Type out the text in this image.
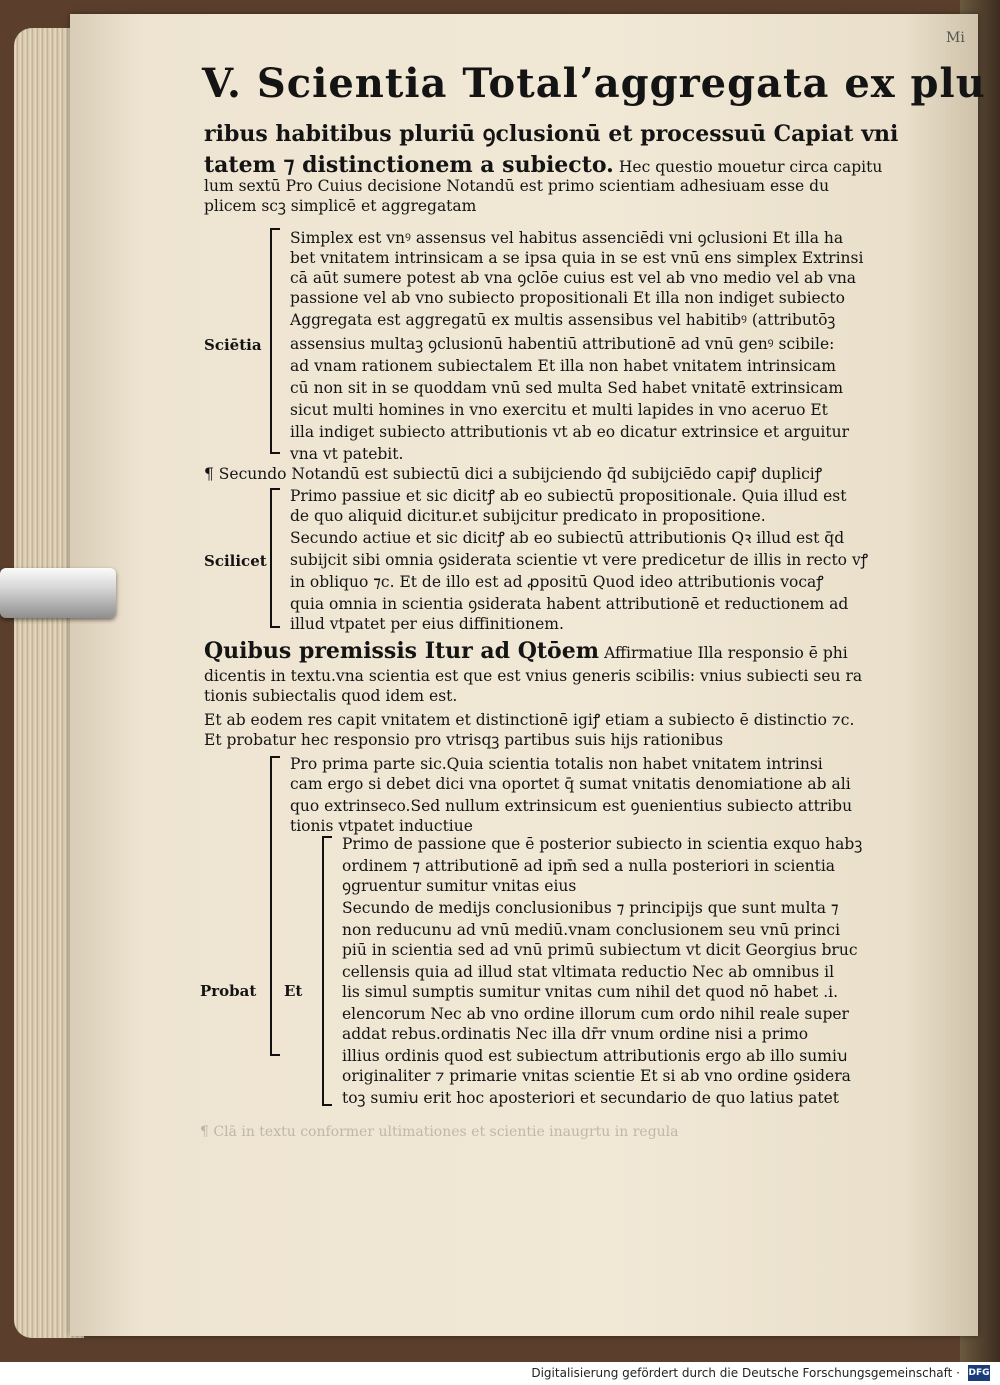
Mi
V. Scientia Totalʼaggregata ex plu
ribus habitibus pluriū ꝯclusionū et processuū Capiat vni
tatem ⁊ distinctionem a subiecto. Hec questio mouetur circa capitu
lum sextū Pro Cuius decisione Notandū est primo scientiam adhesiuam esse du
plicem scꝫ simplicē et aggregatam
Sciētia
Simplex est vnꝰ assensus vel habitus assenciēdi vni ꝯclusioni Et illa ha
bet vnitatem intrinsicam a se ipsa quia in se est vnū ens simplex Extrinsi
cā aūt sumere potest ab vna ꝯclōe cuius est vel ab vno medio vel ab vna
passione vel ab vno subiecto propositionali Et illa non indiget subiecto
Aggregata est aggregatū ex multis assensibus vel habitibꝰ (attributōꝫ
assensius multaꝫ ꝯclusionū habentiū attributionē ad vnū genꝰ scibile:
ad vnam rationem subiectalem Et illa non habet vnitatem intrinsicam
cū non sit in se quoddam vnū sed multa Sed habet vnitatē extrinsicam
sicut multi homines in vno exercitu et multi lapides in vno aceruo Et
illa indiget subiecto attributionis vt ab eo dicatur extrinsice et arguitur
vna vt patebit.
¶ Secundo Notandū est subiectū dici a subijciendo q̄d subijciēdo capiꝭ dupliciꝭ
Scilicet
Primo passiue et sic dicitꝭ ab eo subiectū propositionale. Quia illud est
de quo aliquid dicitur.et subijcitur predicato in propositione.
Secundo actiue et sic dicitꝭ ab eo subiectū attributionis Qꝛ illud est q̄d
subijcit sibi omnia ꝯsiderata scientie vt vere predicetur de illis in recto vꝭ
in obliquo ⁊c. Et de illo est ad ꝓpositū Quod ideo attributionis vocaꝭ
quia omnia in scientia ꝯsiderata habent attributionē et reductionem ad
illud vtpatet per eius diffinitionem.
Quibus premissis Itur ad Qtōem Affirmatiue Illa responsio ē phi
dicentis in textu.vna scientia est que est vnius generis scibilis: vnius subiecti seu ra
tionis subiectalis quod idem est.
Et ab eodem res capit vnitatem et distinctionē igiꝭ etiam a subiecto ē distinctio ⁊c.
Et probatur hec responsio pro vtrisqꝫ partibus suis hijs rationibus
Probat Et
Pro prima parte sic.Quia scientia totalis non habet vnitatem intrinsi
cam ergo si debet dici vna oportet q̄ sumat vnitatis denomiatione ab ali
quo extrinseco.Sed nullum extrinsicum est ꝯuenientius subiecto attribu
tionis vtpatet inductiue
Primo de passione que ē posterior subiecto in scientia exquo habꝫ
ordinem ⁊ attributionē ad ipm̄ sed a nulla posteriori in scientia
ꝯgruentur sumitur vnitas eius
Secundo de medijs conclusionibus ⁊ principijs que sunt multa ⁊
non reducunꭒ ad vnū mediū.vnam conclusionem seu vnū princi
piū in scientia sed ad vnū primū subiectum vt dicit Georgius bruc
cellensis quia ad illud stat vltimata reductio Nec ab omnibus il
lis simul sumptis sumitur vnitas cum nihil det quod nō habet .i.
elencorum Nec ab vno ordine illorum cum ordo nihil reale super
addat rebus.ordinatis Nec illa dr̄r vnum ordine nisi a primo
illius ordinis quod est subiectum attributionis ergo ab illo sumiꭒ
originaliter ⁊ primarie vnitas scientie Et si ab vno ordine ꝯsidera
toꝫ sumiꭒ erit hoc aposteriori et secundario de quo latius patet
¶ Clā in textu conformer ultimationes et scientie inaugrtu in regula
Digitalisierung gefördert durch die Deutsche Forschungsgemeinschaft · DFG
